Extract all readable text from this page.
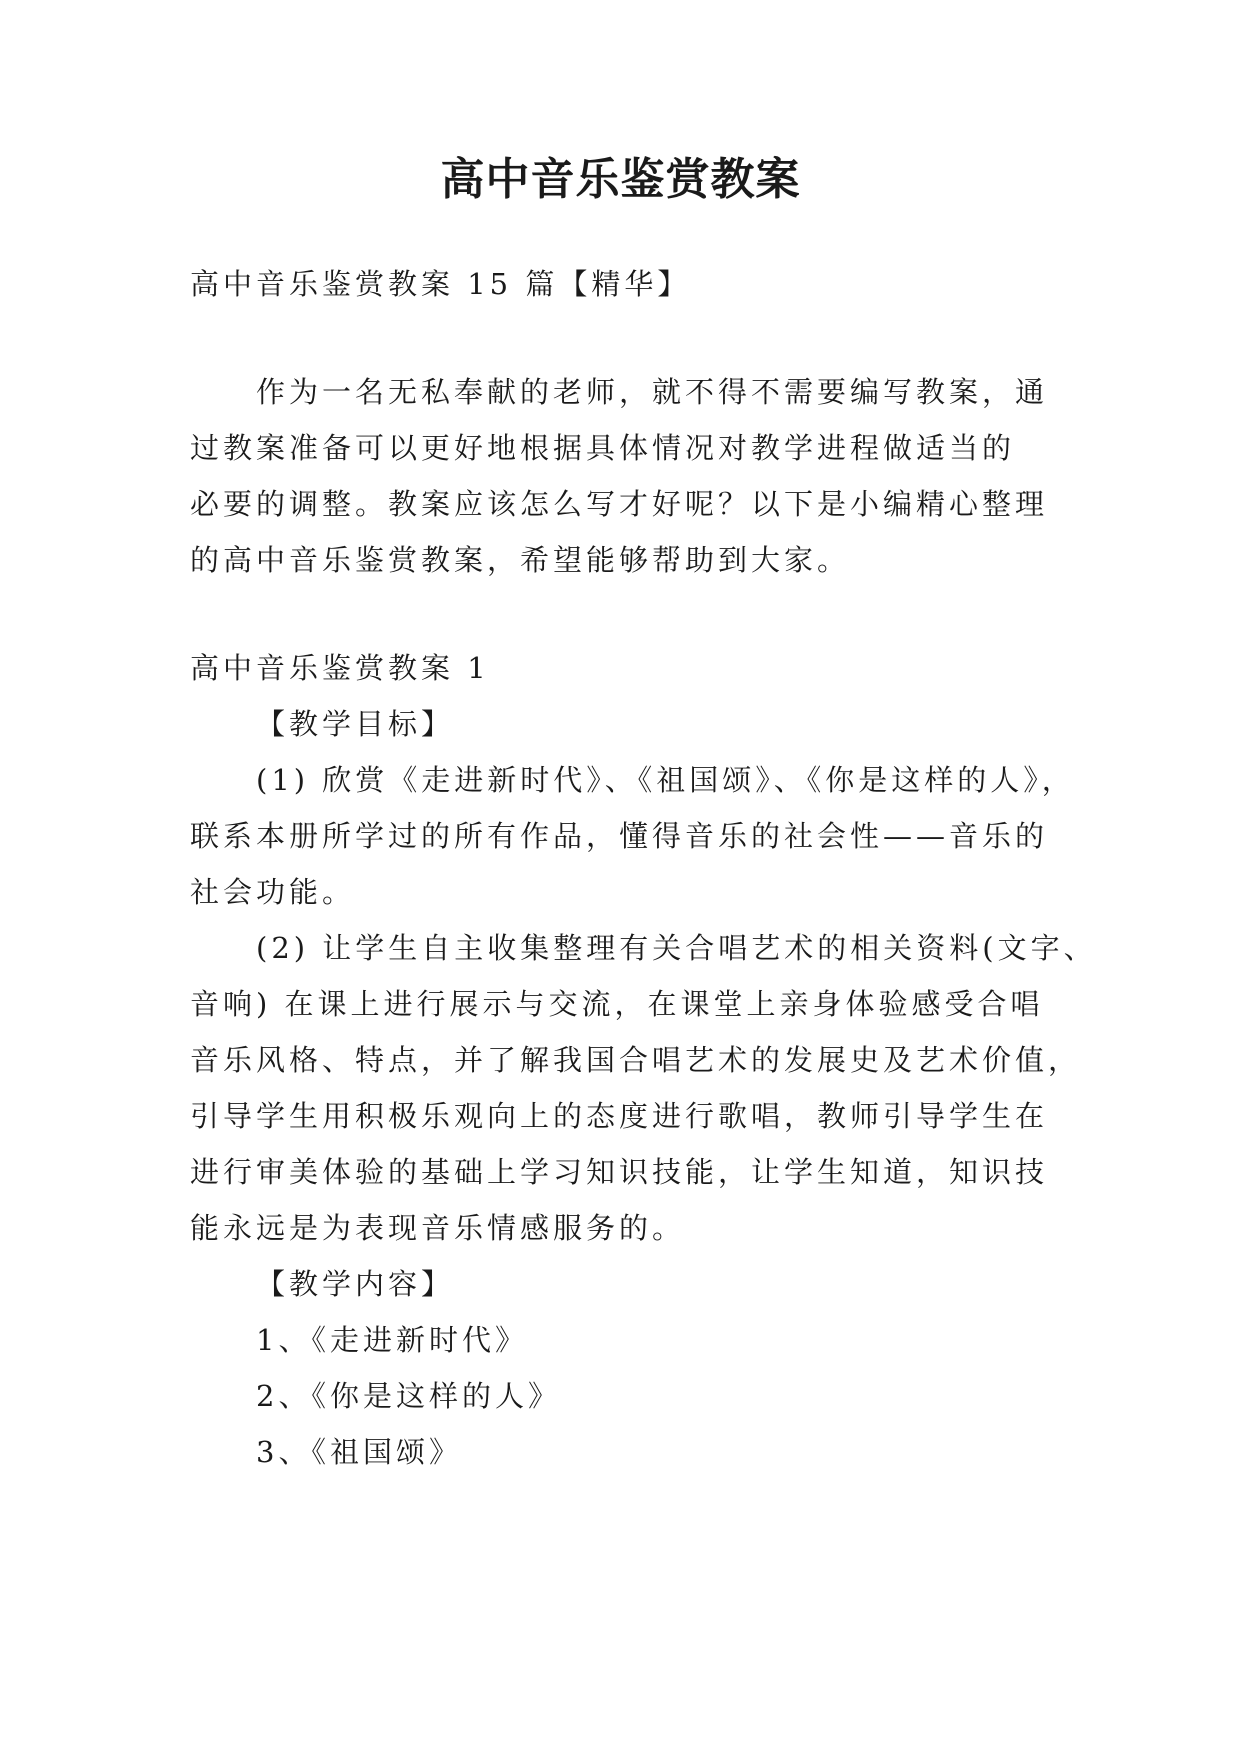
高中音乐鉴赏教案
高中音乐鉴赏教案 15 篇【精华】
作为一名无私奉献的老师，就不得不需要编写教案，通
过教案准备可以更好地根据具体情况对教学进程做适当的
必要的调整。教案应该怎么写才好呢？以下是小编精心整理
的高中音乐鉴赏教案，希望能够帮助到大家。
高中音乐鉴赏教案 1
【教学目标】
(1) 欣赏《走进新时代》、《祖国颂》、《你是这样的人》，
联系本册所学过的所有作品，懂得音乐的社会性——音乐的
社会功能。
(2) 让学生自主收集整理有关合唱艺术的相关资料(文字、
音响) 在课上进行展示与交流，在课堂上亲身体验感受合唱
音乐风格、特点，并了解我国合唱艺术的发展史及艺术价值，
引导学生用积极乐观向上的态度进行歌唱，教师引导学生在
进行审美体验的基础上学习知识技能，让学生知道，知识技
能永远是为表现音乐情感服务的。
【教学内容】
1、《走进新时代》
2、《你是这样的人》
3、《祖国颂》
